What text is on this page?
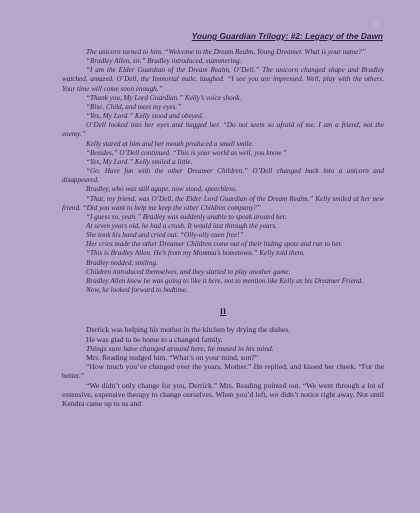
36
Young Guardian Trilogy: #2: Legacy of the Dawn

The unicorn turned to him. “Welcome to the Dream Realm, Young Dreamer. What is your name?”

“Bradley Allen, sir.” Bradley introduced, stammering.

“I am the Elder Guardian of the Dream Realm, O’Dell.” The unicorn changed shape and Bradley watched, amazed. O’Dell, the Immortal male, laughed. “I see you are impressed. Well, play with the others. Your time will come soon enough.”

“Thank you, My Lord Guardian.” Kelly’s voice shook.

“Rise, Child, and meet my eyes.”

“Yes, My Lord.” Kelly stood and obeyed.

O’Dell looked into her eyes and hugged her. “Do not seem so afraid of me. I am a friend, not the enemy.”

Kelly stared at him and her mouth produced a small smile.

“Besides,” O’Dell continued. “This is your world as well, you know.”

“Yes, My Lord.” Kelly smiled a little.

“Go. Have fun with the other Dreamer Children.” O’Dell changed back into a unicorn and disappeared.

Bradley, who was still agape, now stood, speechless.

“That, my friend, was O’Dell, the Elder Lord Guardian of the Dream Realm.” Kelly smiled at her new friend. “Did you want to help me keep the other Children company?”

“I guess so, yeah.” Bradley was suddenly unable to speak around her.

At seven years old, he had a crush. It would last through the years.

She took his hand and cried out. “Olly-olly oxen free!”

Her cries made the other Dreamer Children come out of their hiding spots and run to her.

“This is Bradley Allen. He’s from my Momma’s hometown.” Kelly told them.

Bradley nodded, smiling.

Children introduced themselves, and they started to play another game.

Bradley Allen knew he was going to like it here, not to mention like Kelly as his Dreamer Friend.

Now, he looked forward to bedtime.

II

Derrick was helping his mother in the kitchen by drying the dishes.

He was glad to be home to a changed family.

Things sure have changed around here, he mused in his mind.

Mrs. Reading nudged him. “What’s on your mind, son?”

“How much you’ve changed over the years, Mother.” He replied, and kissed her cheek. “For the better.”

“We didn’t only change for you, Derrick.” Mrs. Reading pointed out. “We went through a lot of extensive, expensive therapy to change ourselves. When you’d left, we didn’t notice right away. Not until Kendra came up to us and
